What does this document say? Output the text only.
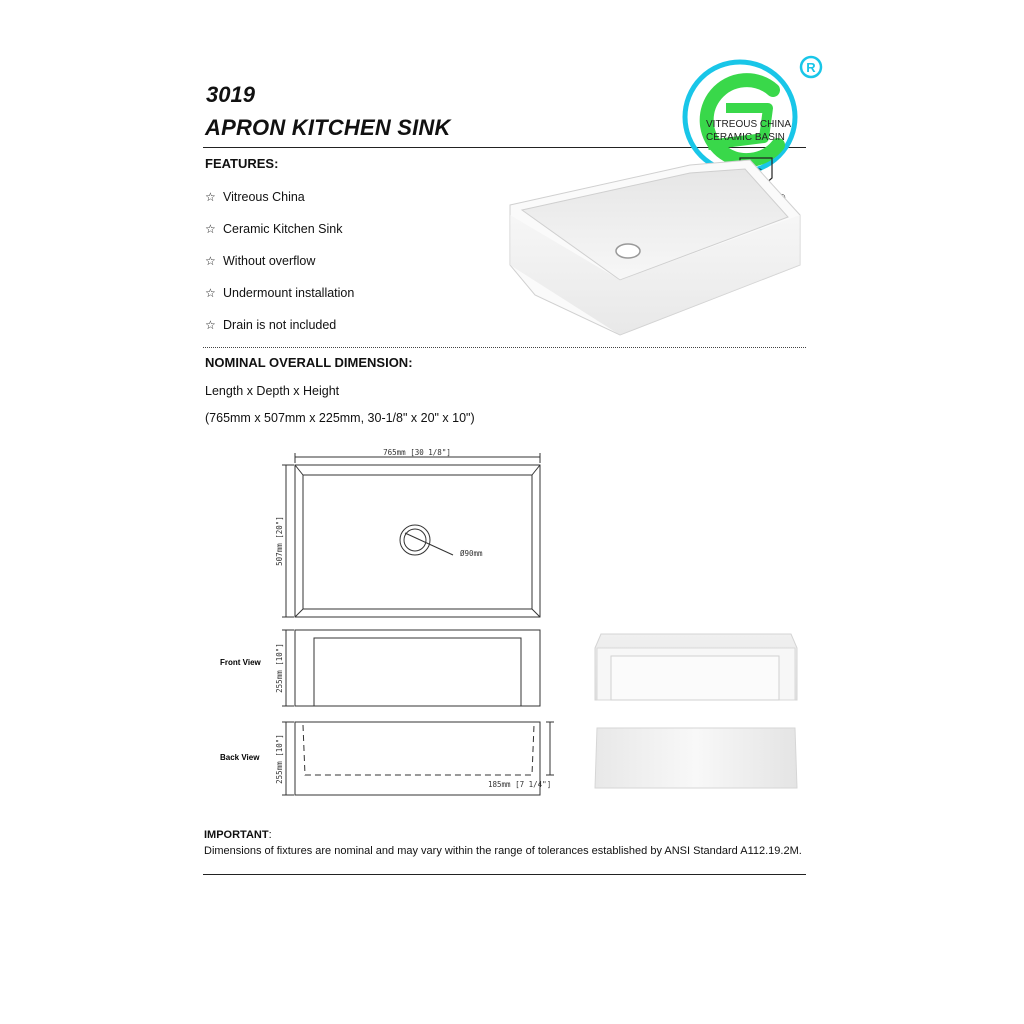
3019
APRON KITCHEN SINK
R
VITREOUS CHINA
CERAMIC BASIN
FEATURES:
☆ Vitreous China
☆ Ceramic Kitchen Sink
☆ Without overflow
☆ Undermount installation
☆ Drain is not included
NOMINAL OVERALL DIMENSION:
Length x Depth x Height
(765mm x 507mm x 225mm, 30-1/8" x 20" x 10")
765mm [30 1/8"]
507mm [20"]	Ø90mm
Front View 255mm [10"]
Back View 255mm [10"]
185mm [7 1/4"]
IMPORTANT:
Dimensions of fixtures are nominal and may vary within the range of tolerances established by ANSI Standard A112.19.2M.
